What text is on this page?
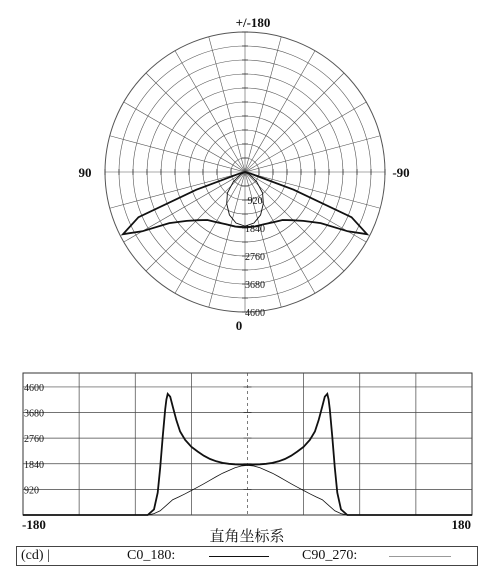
920
1840
2760
3680
4600
+/-180
90	-90
0
920
1840
2760
3680
4600
-180	180
直角坐标系
(cd) |	C0_180:	C90_270:
